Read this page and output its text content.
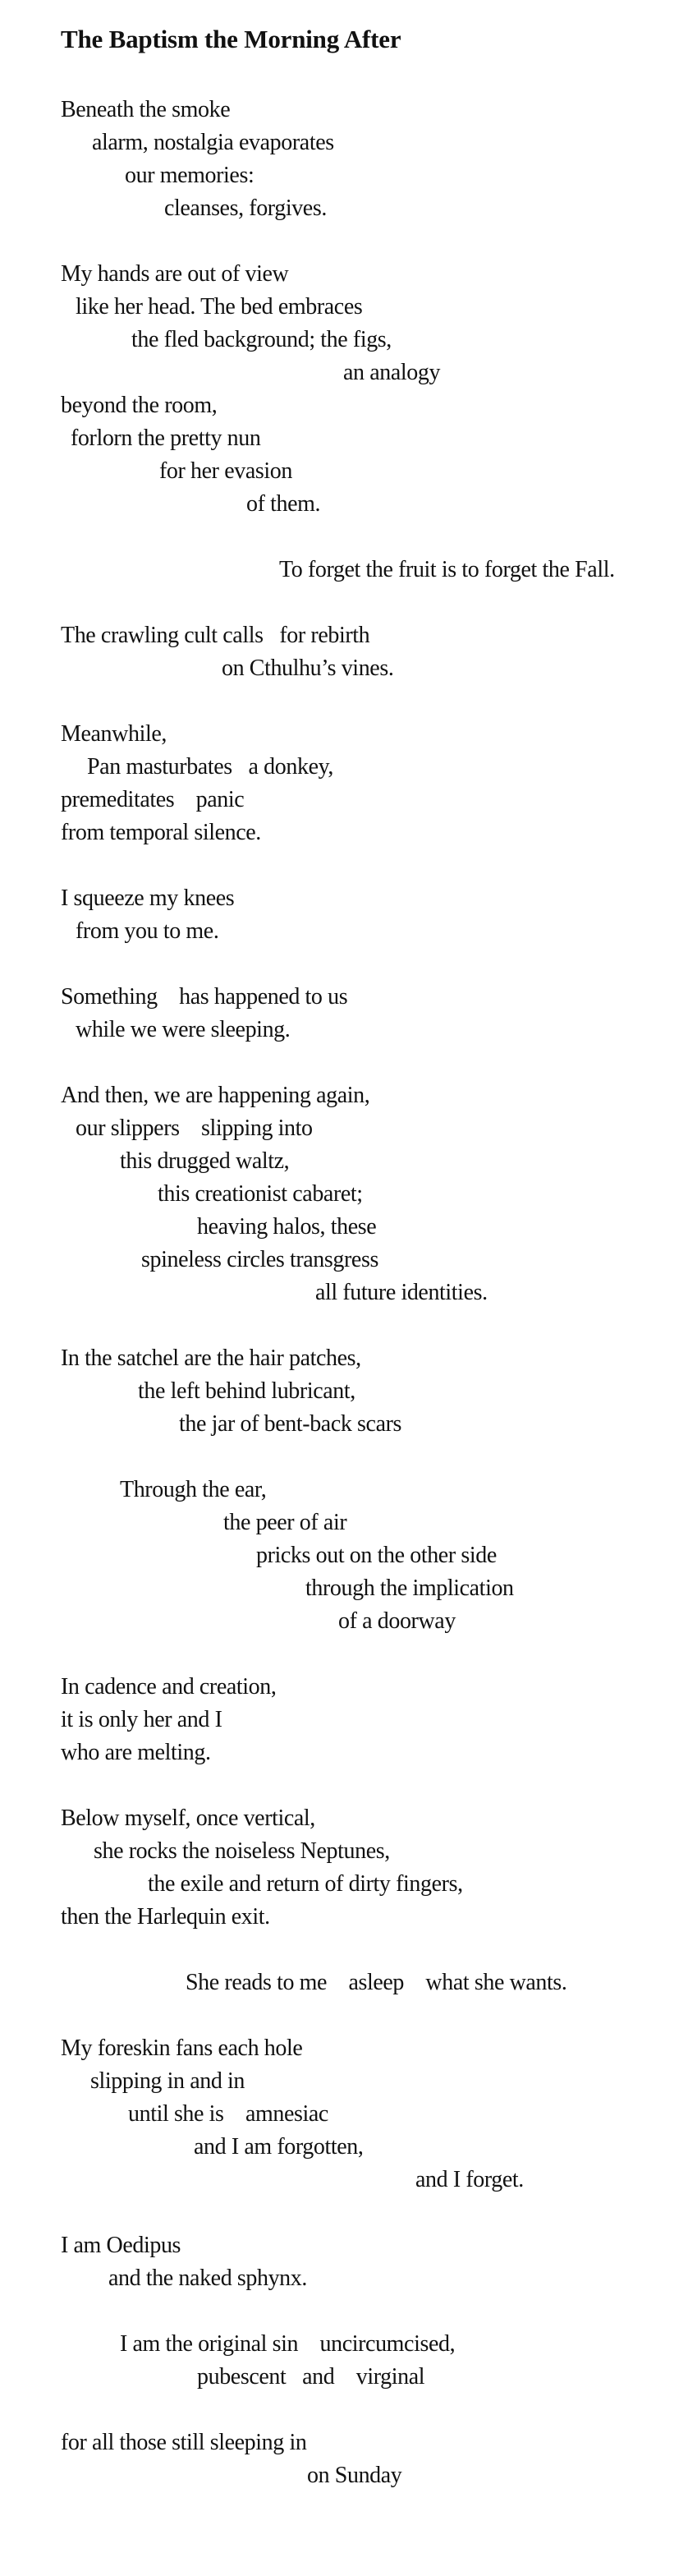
The Baptism the Morning After
Beneath the smoke
alarm, nostalgia evaporates
our memories:
cleanses, forgives.
My hands are out of view
like her head. The bed embraces
the fled background; the figs,
an analogy
beyond the room,
forlorn the pretty nun
for her evasion
of them.
To forget the fruit is to forget the Fall.
The crawling cult calls   for rebirth
on Cthulhu’s vines.
Meanwhile,
Pan masturbates   a donkey,
premeditates    panic
from temporal silence.
I squeeze my knees
from you to me.
Something    has happened to us
while we were sleeping.
And then, we are happening again,
our slippers    slipping into
this drugged waltz,
this creationist cabaret;
heaving halos, these
spineless circles transgress
all future identities.
In the satchel are the hair patches,
the left behind lubricant,
the jar of bent-back scars
Through the ear,
the peer of air
pricks out on the other side
through the implication
of a doorway
In cadence and creation,
it is only her and I
who are melting.
Below myself, once vertical,
she rocks the noiseless Neptunes,
the exile and return of dirty fingers,
then the Harlequin exit.
She reads to me    asleep    what she wants.
My foreskin fans each hole
slipping in and in
until she is    amnesiac
and I am forgotten,
and I forget.
I am Oedipus
and the naked sphynx.
I am the original sin    uncircumcised,
pubescent   and    virginal
for all those still sleeping in
on Sunday
